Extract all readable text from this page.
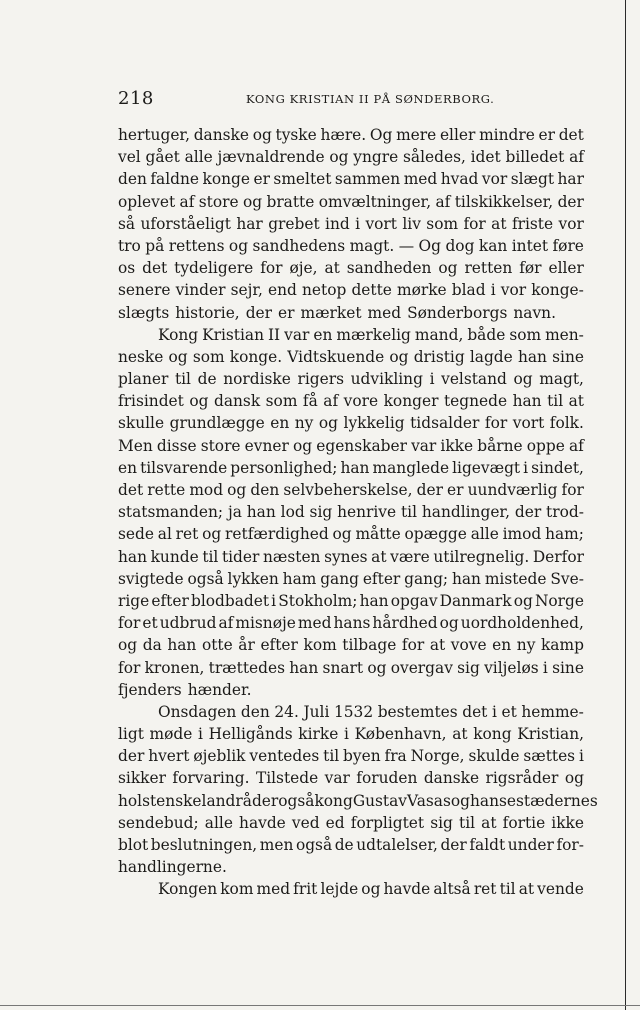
218	KONG KRISTIAN II PÅ SØNDERBORG.
hertuger, danske og tyske hære. Og mere eller mindre er det
vel gået alle jævnaldrende og yngre således, idet billedet af
den faldne konge er smeltet sammen med hvad vor slægt har
oplevet af store og bratte omvæltninger, af tilskikkelser, der
så uforståeligt har grebet ind i vort liv som for at friste vor
tro på rettens og sandhedens magt. — Og dog kan intet føre
os det tydeligere for øje, at sandheden og retten før eller
senere vinder sejr, end netop dette mørke blad i vor konge-
slægts historie, der er mærket med Sønderborgs navn.
Kong Kristian II var en mærkelig mand, både som men-
neske og som konge. Vidtskuende og dristig lagde han sine
planer til de nordiske rigers udvikling i velstand og magt,
frisindet og dansk som få af vore konger tegnede han til at
skulle grundlægge en ny og lykkelig tidsalder for vort folk.
Men disse store evner og egenskaber var ikke bårne oppe af
en tilsvarende personlighed; han manglede ligevægt i sindet,
det rette mod og den selvbeherskelse, der er uundværlig for
statsmanden; ja han lod sig henrive til handlinger, der trod-
sede al ret og retfærdighed og måtte opægge alle imod ham;
han kunde til tider næsten synes at være utilregnelig. Derfor
svigtede også lykken ham gang efter gang; han mistede Sve-
rige efter blodbadet i Stokholm; han opgav Danmark og Norge
for et udbrud af misnøje med hans hårdhed og uordholdenhed,
og da han otte år efter kom tilbage for at vove en ny kamp
for kronen, trættedes han snart og overgav sig viljeløs i sine
fjenders hænder.
Onsdagen den 24. Juli 1532 bestemtes det i et hemme-
ligt møde i Helligånds kirke i København, at kong Kristian,
der hvert øjeblik ventedes til byen fra Norge, skulde sættes i
sikker forvaring. Tilstede var foruden danske rigsråder og
holstenske landråder også kong Gustav Vasas og hansestædernes
sendebud; alle havde ved ed forpligtet sig til at fortie ikke
blot beslutningen, men også de udtalelser, der faldt under for-
handlingerne.
Kongen kom med frit lejde og havde altså ret til at vende
